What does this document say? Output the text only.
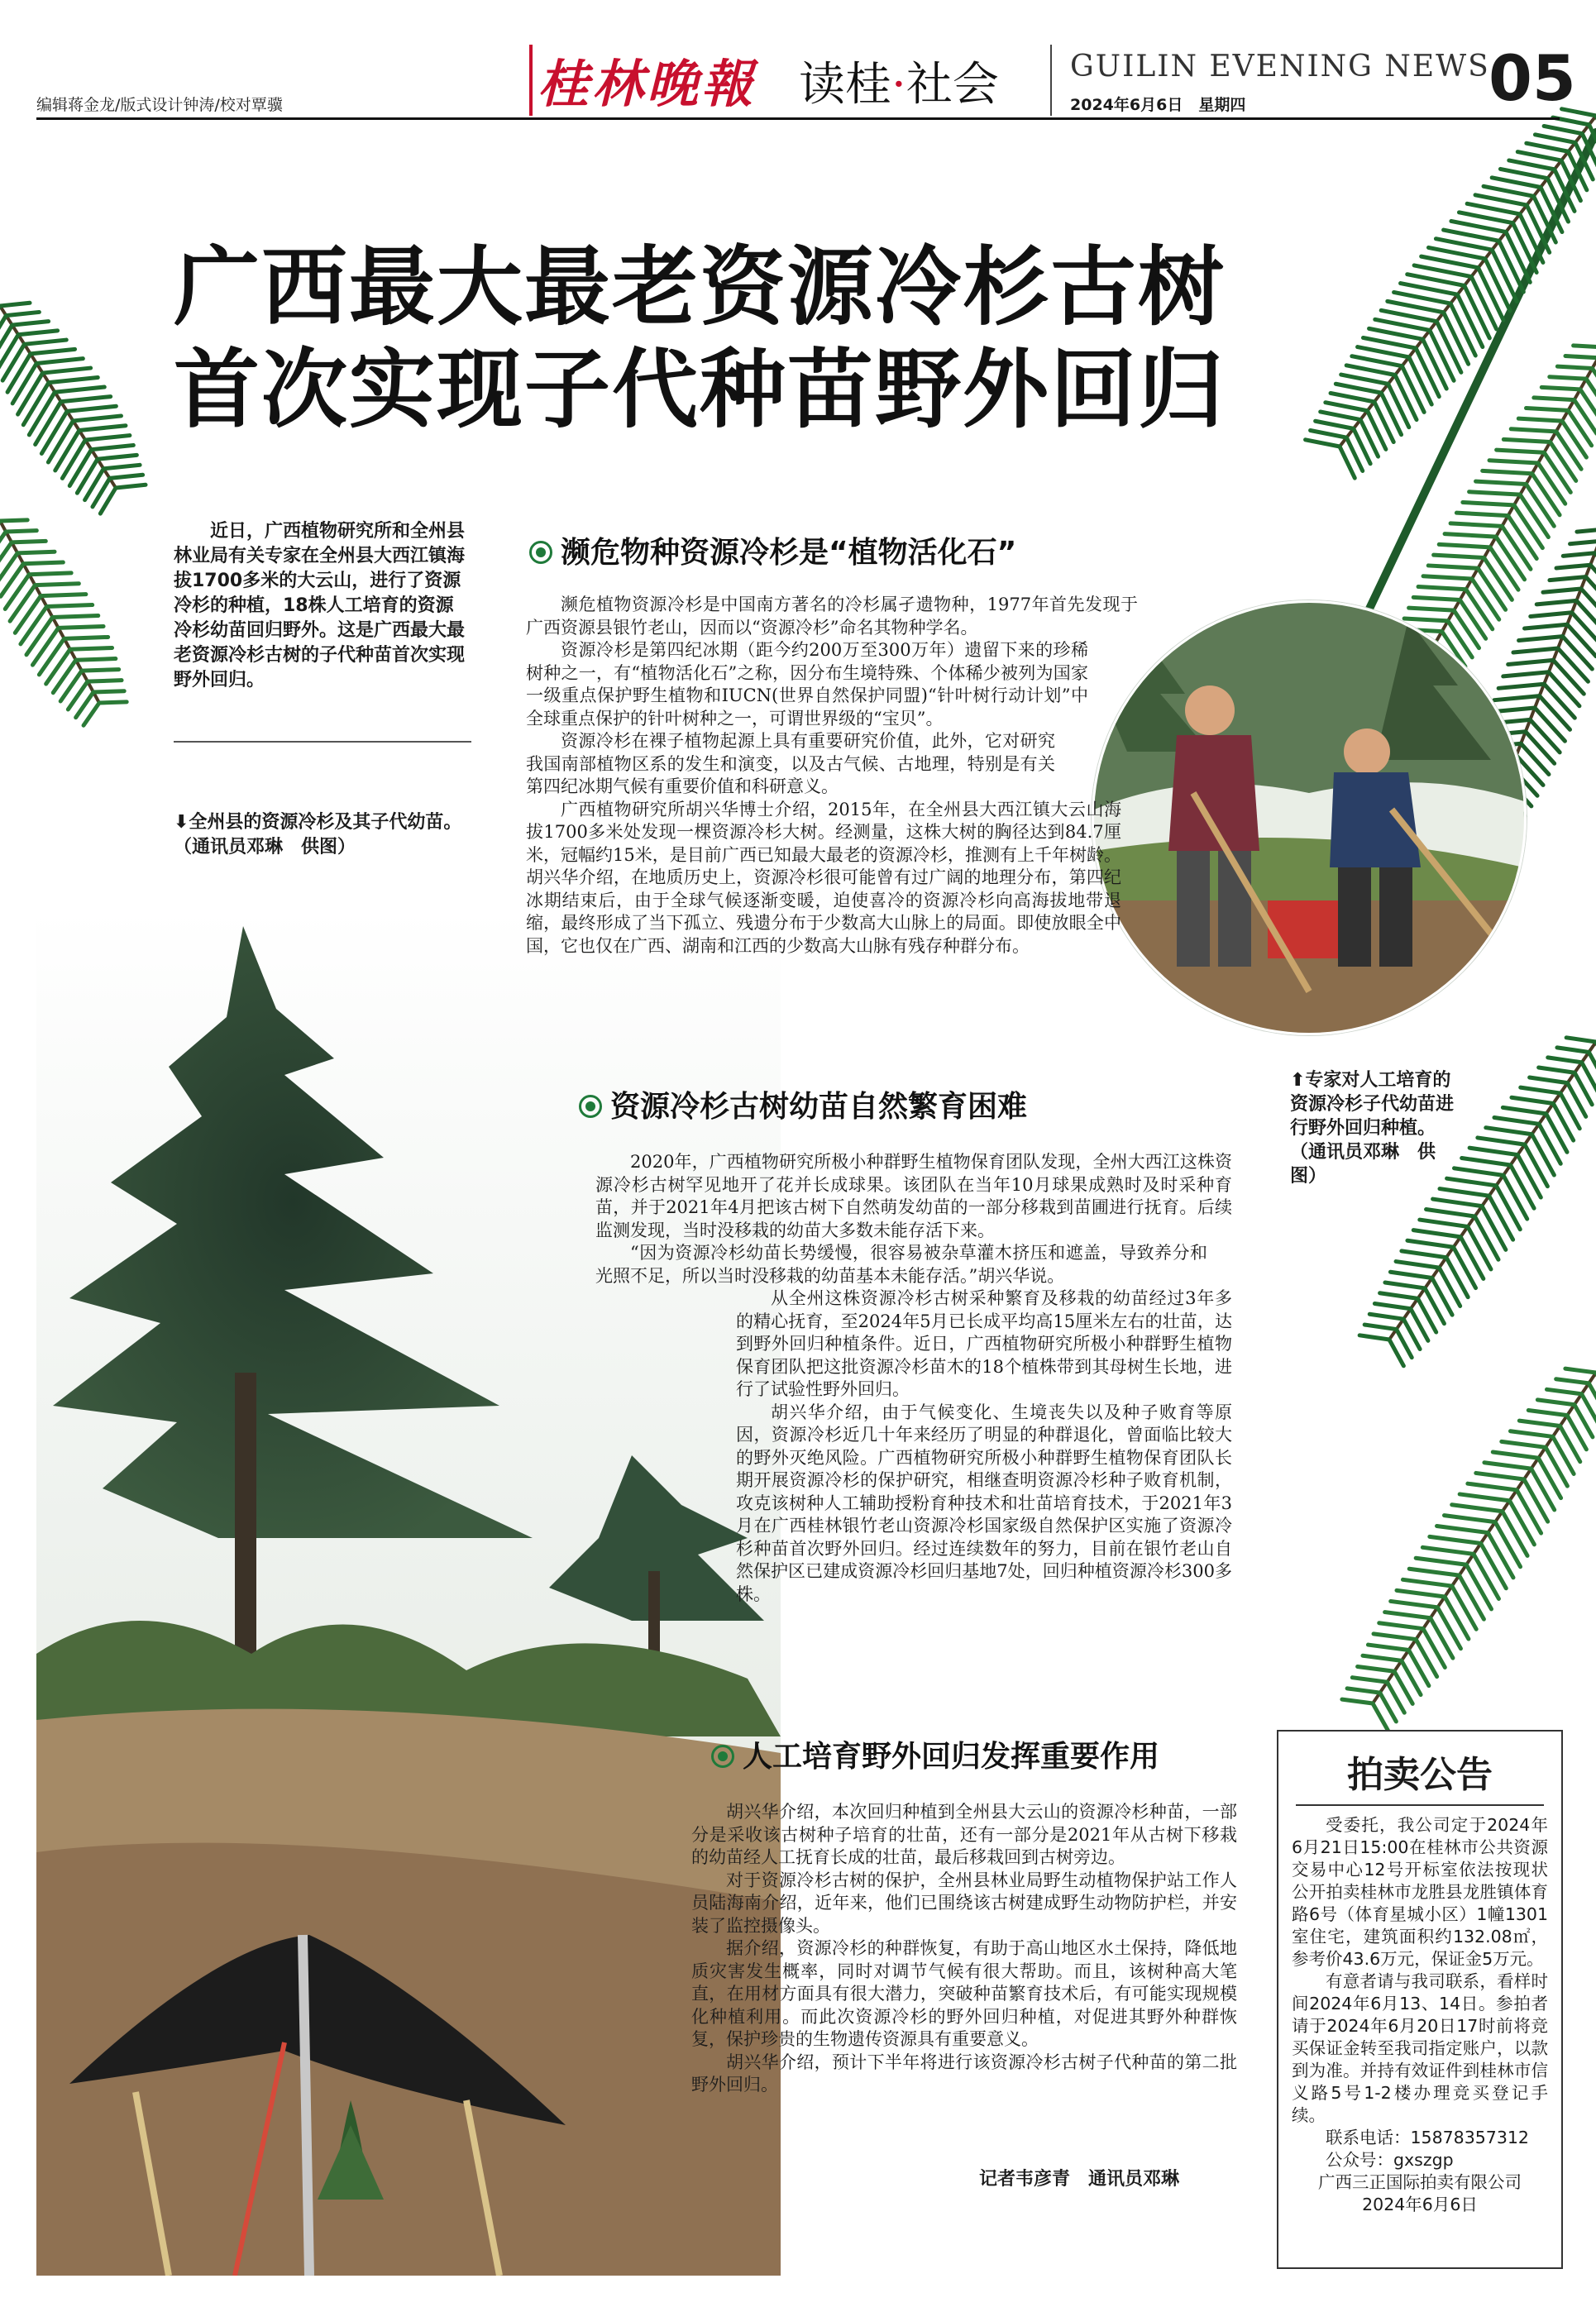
编辑蒋金龙/版式设计钟涛/校对覃骥	桂林晚報 读桂·社会 GUILIN EVENING NEWS
2024年6月6日　星期四	05
广西最大最老资源冷杉古树
首次实现子代种苗野外回归
近日，广西植物研究所和全州县林业局有关专家在全州县大西江镇海拔1700多米的大云山，进行了资源冷杉的种植，18株人工培育的资源冷杉幼苗回归野外。这是广西最大最老资源冷杉古树的子代种苗首次实现野外回归。
⬇全州县的资源冷杉及其子代幼苗。（通讯员邓琳　供图）
⬆专家对人工培育的资源冷杉子代幼苗进行野外回归种植。（通讯员邓琳　供图）
濒危物种资源冷杉是“植物活化石”

濒危植物资源冷杉是中国南方著名的冷杉属孑遗物种，1977年首先发现于广西资源县银竹老山，因而以“资源冷杉”命名其物种学名。

资源冷杉是第四纪冰期（距今约200万至300万年）遗留下来的珍稀树种之一，有“植物活化石”之称，因分布生境特殊、个体稀少被列为国家一级重点保护野生植物和IUCN(世界自然保护同盟)“针叶树行动计划”中全球重点保护的针叶树种之一，可谓世界级的“宝贝”。

资源冷杉在裸子植物起源上具有重要研究价值，此外，它对研究我国南部植物区系的发生和演变，以及古气候、古地理，特别是有关第四纪冰期气候有重要价值和科研意义。

广西植物研究所胡兴华博士介绍，2015年，在全州县大西江镇大云山海拔1700多米处发现一棵资源冷杉大树。经测量，这株大树的胸径达到84.7厘米，冠幅约15米，是目前广西已知最大最老的资源冷杉，推测有上千年树龄。胡兴华介绍，在地质历史上，资源冷杉很可能曾有过广阔的地理分布，第四纪冰期结束后，由于全球气候逐渐变暖，迫使喜冷的资源冷杉向高海拔地带退缩，最终形成了当下孤立、残遗分布于少数高大山脉上的局面。即使放眼全中国，它也仅在广西、湖南和江西的少数高大山脉有残存种群分布。

资源冷杉古树幼苗自然繁育困难

2020年，广西植物研究所极小种群野生植物保育团队发现，全州大西江这株资源冷杉古树罕见地开了花并长成球果。该团队在当年10月球果成熟时及时采种育苗，并于2021年4月把该古树下自然萌发幼苗的一部分移栽到苗圃进行抚育。后续监测发现，当时没移栽的幼苗大多数未能存活下来。

“因为资源冷杉幼苗长势缓慢，很容易被杂草灌木挤压和遮盖，导致养分和光照不足，所以当时没移栽的幼苗基本未能存活。”胡兴华说。

从全州这株资源冷杉古树采种繁育及移栽的幼苗经过3年多的精心抚育，至2024年5月已长成平均高15厘米左右的壮苗，达到野外回归种植条件。近日，广西植物研究所极小种群野生植物保育团队把这批资源冷杉苗木的18个植株带到其母树生长地，进行了试验性野外回归。

胡兴华介绍，由于气候变化、生境丧失以及种子败育等原因，资源冷杉近几十年来经历了明显的种群退化，曾面临比较大的野外灭绝风险。广西植物研究所极小种群野生植物保育团队长期开展资源冷杉的保护研究，相继查明资源冷杉种子败育机制，攻克该树种人工辅助授粉育种技术和壮苗培育技术，于2021年3月在广西桂林银竹老山资源冷杉国家级自然保护区实施了资源冷杉种苗首次野外回归。经过连续数年的努力，目前在银竹老山自然保护区已建成资源冷杉回归基地7处，回归种植资源冷杉300多株。

人工培育野外回归发挥重要作用

胡兴华介绍，本次回归种植到全州县大云山的资源冷杉种苗，一部分是采收该古树种子培育的壮苗，还有一部分是2021年从古树下移栽的幼苗经人工抚育长成的壮苗，最后移栽回到古树旁边。

对于资源冷杉古树的保护，全州县林业局野生动植物保护站工作人员陆海南介绍，近年来，他们已围绕该古树建成野生动物防护栏，并安装了监控摄像头。

据介绍，资源冷杉的种群恢复，有助于高山地区水土保持，降低地质灾害发生概率，同时对调节气候有很大帮助。而且，该树种高大笔直，在用材方面具有很大潜力，突破种苗繁育技术后，有可能实现规模化种植利用。而此次资源冷杉的野外回归种植，对促进其野外种群恢复，保护珍贵的生物遗传资源具有重要意义。

胡兴华介绍，预计下半年将进行该资源冷杉古树子代种苗的第二批野外回归。

记者韦彦青　通讯员邓琳
拍卖公告

受委托，我公司定于2024年6月21日15:00在桂林市公共资源交易中心12号开标室依法按现状公开拍卖桂林市龙胜县龙胜镇体育路6号（体育星城小区）1幢1301室住宅，建筑面积约132.08㎡，参考价43.6万元，保证金5万元。

有意者请与我司联系，看样时间2024年6月13、14日。参拍者请于2024年6月20日17时前将竞买保证金转至我司指定账户，以款到为准。并持有效证件到桂林市信义路5号1-2楼办理竞买登记手续。

联系电话：15878357312

公众号：gxszgp

广西三正国际拍卖有限公司

2024年6月6日
